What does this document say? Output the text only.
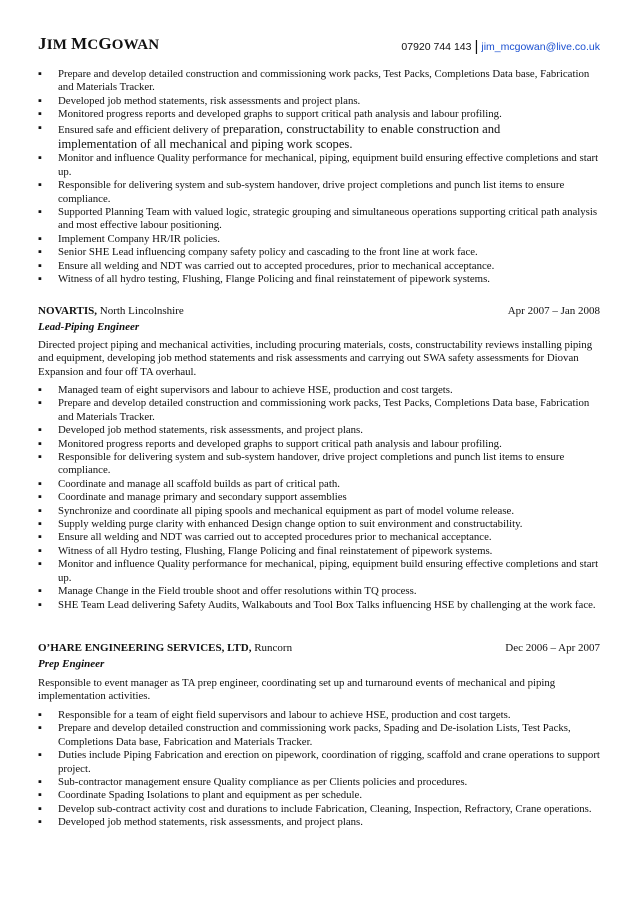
JIM MCGOWAN	07920 744 143 | jim_mcgowan@live.co.uk
▪ Prepare and develop detailed construction and commissioning work packs, Test Packs, Completions Data base, Fabrication and Materials Tracker.
▪ Developed job method statements, risk assessments and project plans.
▪ Monitored progress reports and developed graphs to support critical path analysis and labour profiling.
▪ Ensured safe and efficient delivery of preparation, constructability to enable construction and
implementation of all mechanical and piping work scopes.
▪ Monitor and influence Quality performance for mechanical, piping, equipment build ensuring effective completions and start up.
▪ Responsible for delivering system and sub-system handover, drive project completions and punch list items to ensure compliance.
▪ Supported Planning Team with valued logic, strategic grouping and simultaneous operations supporting critical path analysis and most effective labour positioning.
▪ Implement Company HR/IR policies.
▪ Senior SHE Lead influencing company safety policy and cascading to the front line at work face.
▪ Ensure all welding and NDT was carried out to accepted procedures, prior to mechanical acceptance.
▪ Witness of all hydro testing, Flushing, Flange Policing and final reinstatement of pipework systems.
NOVARTIS, North Lincolnshire	Apr 2007 – Jan 2008
Lead-Piping Engineer
Directed project piping and mechanical activities, including procuring materials, costs, constructability reviews installing piping and equipment, developing job method statements and risk assessments and carrying out SWA safety assessments for Diovan Expansion and four off TA overhaul.
▪ Managed team of eight supervisors and labour to achieve HSE, production and cost targets.
▪ Prepare and develop detailed construction and commissioning work packs, Test Packs, Completions Data base, Fabrication and Materials Tracker.
▪ Developed job method statements, risk assessments, and project plans.
▪ Monitored progress reports and developed graphs to support critical path analysis and labour profiling.
▪ Responsible for delivering system and sub-system handover, drive project completions and punch list items to ensure compliance.
▪ Coordinate and manage all scaffold builds as part of critical path.
▪ Coordinate and manage primary and secondary support assemblies
▪ Synchronize and coordinate all piping spools and mechanical equipment as part of model volume release.
▪ Supply welding purge clarity with enhanced Design change option to suit environment and constructability.
▪ Ensure all welding and NDT was carried out to accepted procedures prior to mechanical acceptance.
▪ Witness of all Hydro testing, Flushing, Flange Policing and final reinstatement of pipework systems.
▪ Monitor and influence Quality performance for mechanical, piping, equipment build ensuring effective completions and start up.
▪ Manage Change in the Field trouble shoot and offer resolutions within TQ process.
▪ SHE Team Lead delivering Safety Audits, Walkabouts and Tool Box Talks influencing HSE by challenging at the work face.
O’HARE ENGINEERING SERVICES, LTD, Runcorn	Dec 2006 – Apr 2007
Prep Engineer
Responsible to event manager as TA prep engineer, coordinating set up and turnaround events of mechanical and piping implementation activities.
▪ Responsible for a team of eight field supervisors and labour to achieve HSE, production and cost targets.
▪ Prepare and develop detailed construction and commissioning work packs, Spading and De-isolation Lists, Test Packs, Completions Data base, Fabrication and Materials Tracker.
▪ Duties include Piping Fabrication and erection on pipework, coordination of rigging, scaffold and crane operations to support project.
▪ Sub-contractor management ensure Quality compliance as per Clients policies and procedures.
▪ Coordinate Spading Isolations to plant and equipment as per schedule.
▪ Develop sub-contract activity cost and durations to include Fabrication, Cleaning, Inspection, Refractory, Crane operations.
▪ Developed job method statements, risk assessments, and project plans.
